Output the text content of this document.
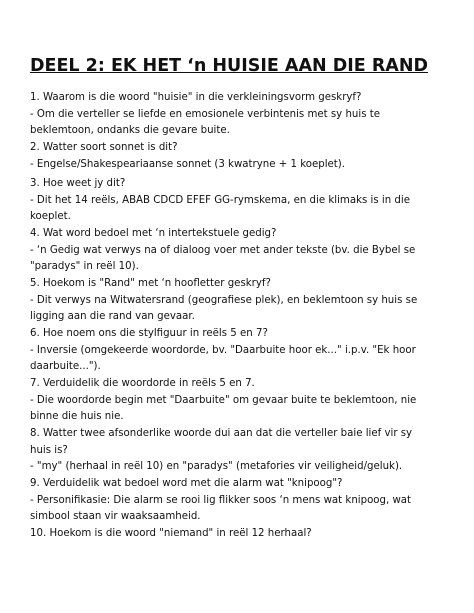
DEEL 2: EK HET ‘n HUISIE AAN DIE RAND
1. Waarom is die woord "huisie" in die verkleiningsvorm geskryf?
- Om die verteller se liefde en emosionele verbintenis met sy huis te
beklemtoon, ondanks die gevare buite.
2. Watter soort sonnet is dit?
- Engelse/Shakespeariaanse sonnet (3 kwatryne + 1 koeplet).
3. Hoe weet jy dit?
- Dit het 14 reëls, ABAB CDCD EFEF GG-rymskema, en die klimaks is in die
koeplet.
4. Wat word bedoel met ‘n intertekstuele gedig?
- ‘n Gedig wat verwys na of dialoog voer met ander tekste (bv. die Bybel se
"paradys" in reël 10).
5. Hoekom is "Rand" met ‘n hoofletter geskryf?
- Dit verwys na Witwatersrand (geografiese plek), en beklemtoon sy huis se
ligging aan die rand van gevaar.
6. Hoe noem ons die stylfiguur in reëls 5 en 7?
- Inversie (omgekeerde woordorde, bv. "Daarbuite hoor ek..." i.p.v. "Ek hoor
daarbuite...").
7. Verduidelik die woordorde in reëls 5 en 7.
- Die woordorde begin met "Daarbuite" om gevaar buite te beklemtoon, nie
binne die huis nie.
8. Watter twee afsonderlike woorde dui aan dat die verteller baie lief vir sy
huis is?
- "my" (herhaal in reël 10) en "paradys" (metafories vir veiligheid/geluk).
9. Verduidelik wat bedoel word met die alarm wat "knipoog"?
- Personifikasie: Die alarm se rooi lig flikker soos ‘n mens wat knipoog, wat
simbool staan vir waaksaamheid.
10. Hoekom is die woord "niemand" in reël 12 herhaal?
